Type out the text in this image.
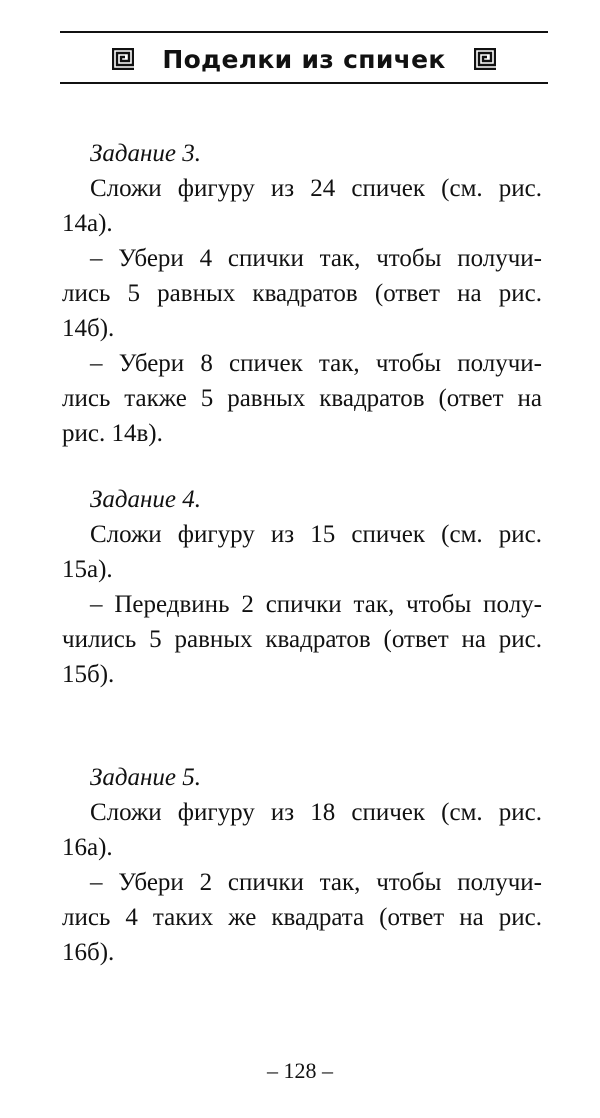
Поделки из спичек
Задание 3.
Сложи фигуру из 24 спичек (см. рис.
14а).
– Убери 4 спички так, чтобы получи-
лись 5 равных квадратов (ответ на рис.
14б).
– Убери 8 спичек так, чтобы получи-
лись также 5 равных квадратов (ответ на
рис. 14в).
Задание 4.
Сложи фигуру из 15 спичек (см. рис.
15а).
– Передвинь 2 спички так, чтобы полу-
чились 5 равных квадратов (ответ на рис.
15б).
Задание 5.
Сложи фигуру из 18 спичек (см. рис.
16а).
– Убери 2 спички так, чтобы получи-
лись 4 таких же квадрата (ответ на рис.
16б).
– 128 –
